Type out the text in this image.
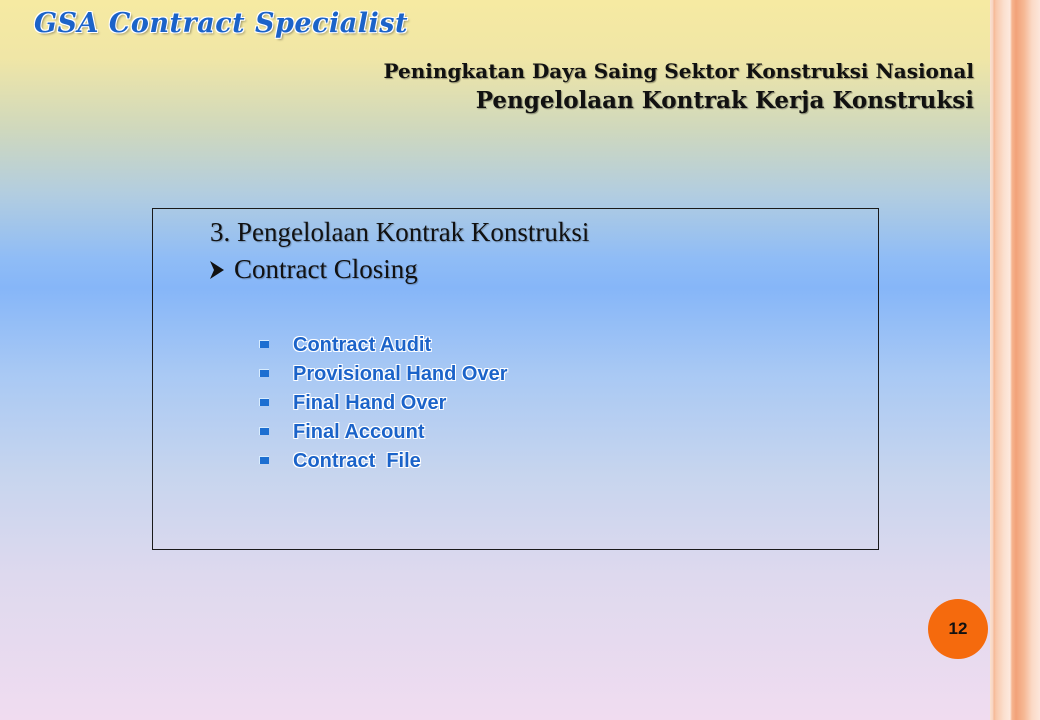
GSA Contract Specialist
Peningkatan Daya Saing Sektor Konstruksi Nasional
Pengelolaan Kontrak Kerja Konstruksi
3. Pengelolaan Kontrak Konstruksi
Contract Closing
Contract Audit
Provisional Hand Over
Final Hand Over
Final Account
Contract  File
12
